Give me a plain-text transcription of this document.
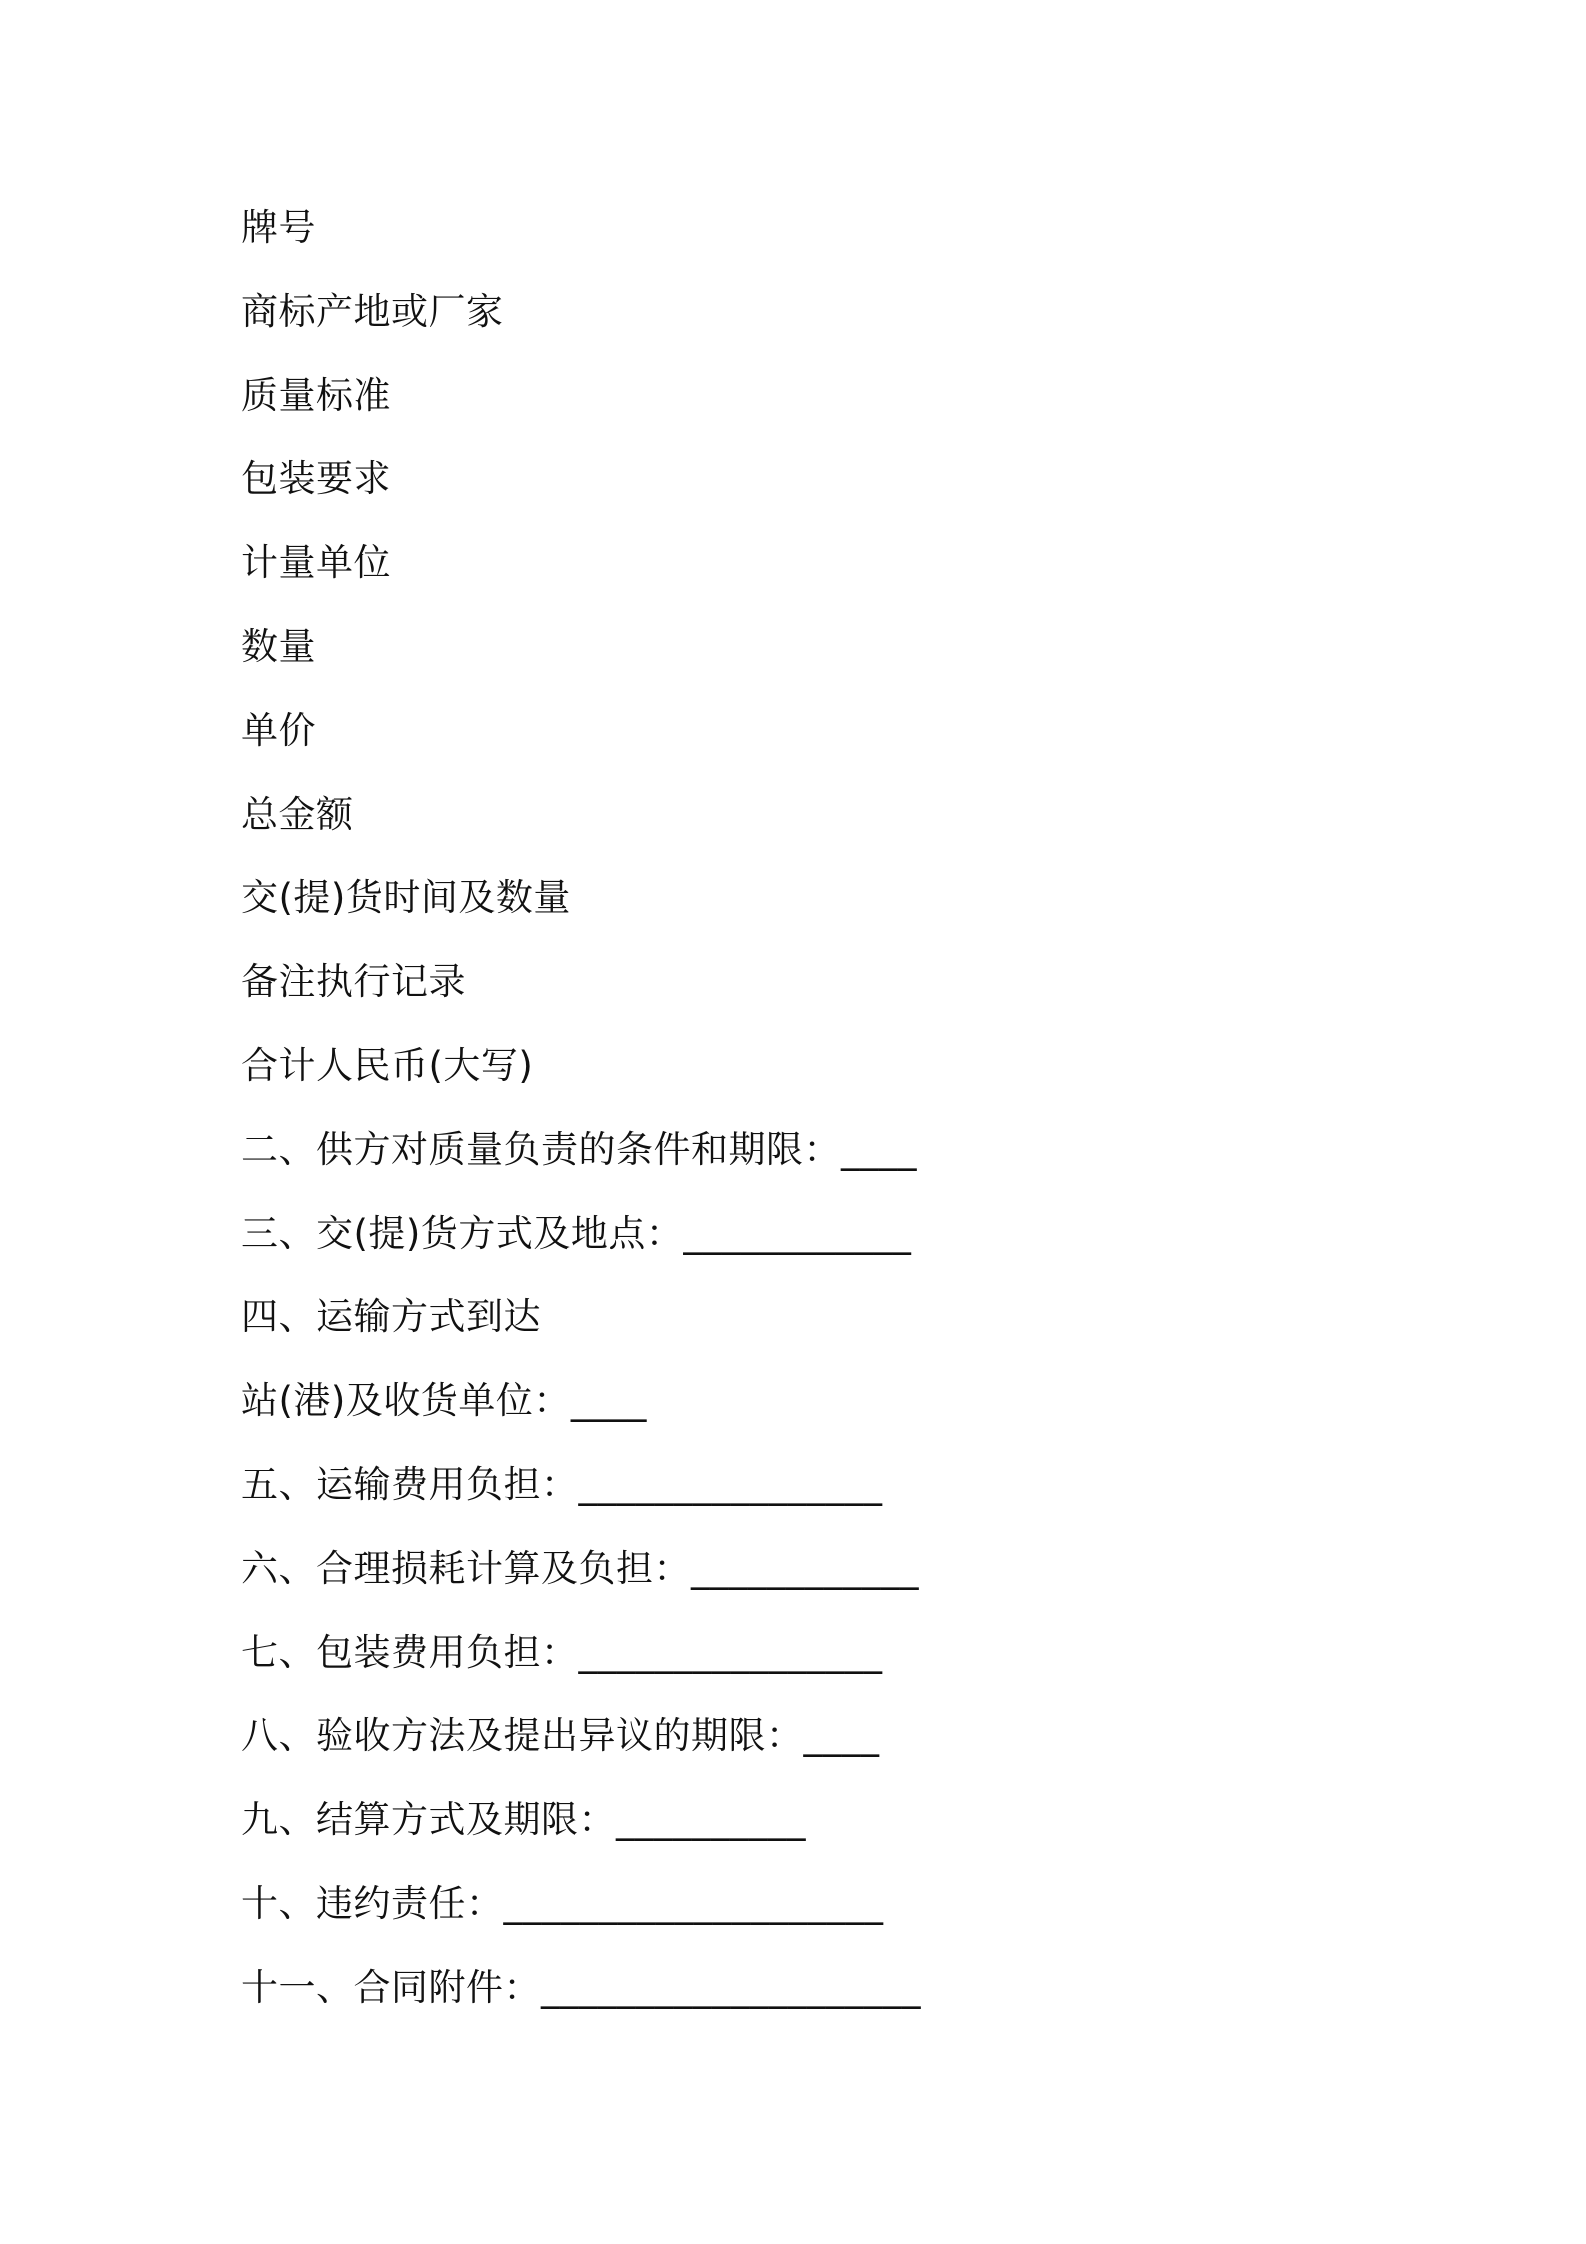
牌号
商标产地或厂家
质量标准
包装要求
计量单位
数量
单价
总金额
交(提)货时间及数量
备注执行记录
合计人民币(大写)
二、供方对质量负责的条件和期限：____
三、交(提)货方式及地点：____________
四、运输方式到达
站(港)及收货单位：____
五、运输费用负担：________________
六、合理损耗计算及负担：____________
七、包装费用负担：________________
八、验收方法及提出异议的期限：____
九、结算方式及期限：__________
十、违约责任：____________________
十一、合同附件：____________________
